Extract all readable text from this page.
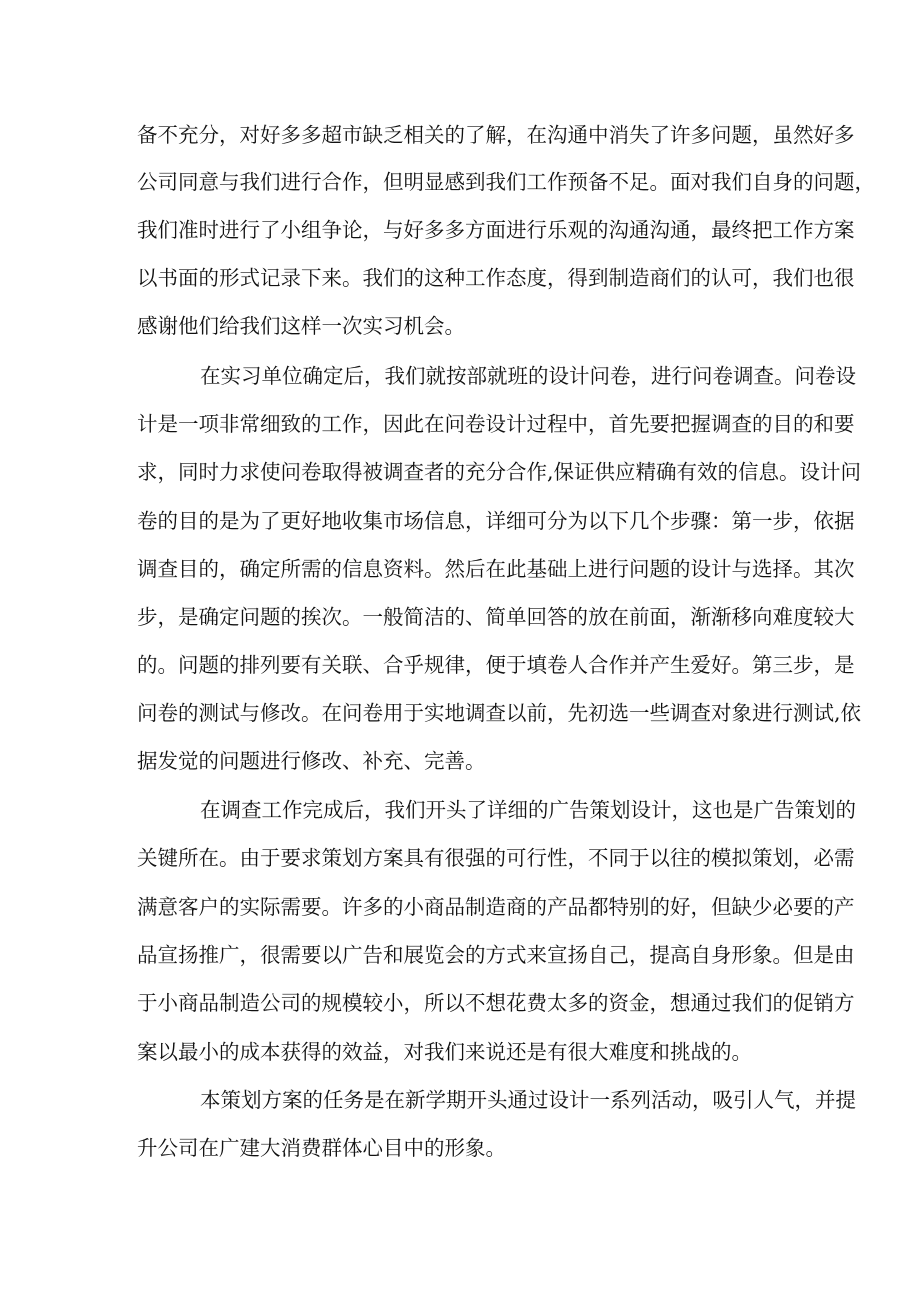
备不充分，对好多多超市缺乏相关的了解，在沟通中消失了许多问题，虽然好多
公司同意与我们进行合作，但明显感到我们工作预备不足。面对我们自身的问题，
我们准时进行了小组争论，与好多多方面进行乐观的沟通沟通，最终把工作方案
以书面的形式记录下来。我们的这种工作态度，得到制造商们的认可，我们也很
感谢他们给我们这样一次实习机会。
在实习单位确定后，我们就按部就班的设计问卷，进行问卷调查。问卷设
计是一项非常细致的工作，因此在问卷设计过程中，首先要把握调查的目的和要
求，同时力求使问卷取得被调查者的充分合作,保证供应精确有效的信息。设计问
卷的目的是为了更好地收集市场信息，详细可分为以下几个步骤：第一步，依据
调查目的，确定所需的信息资料。然后在此基础上进行问题的设计与选择。其次
步，是确定问题的挨次。一般简洁的、简单回答的放在前面，渐渐移向难度较大
的。问题的排列要有关联、合乎规律，便于填卷人合作并产生爱好。第三步，是
问卷的测试与修改。在问卷用于实地调查以前，先初选一些调查对象进行测试,依
据发觉的问题进行修改、补充、完善。
在调查工作完成后，我们开头了详细的广告策划设计，这也是广告策划的
关键所在。由于要求策划方案具有很强的可行性，不同于以往的模拟策划，必需
满意客户的实际需要。许多的小商品制造商的产品都特别的好，但缺少必要的产
品宣扬推广，很需要以广告和展览会的方式来宣扬自己，提高自身形象。但是由
于小商品制造公司的规模较小，所以不想花费太多的资金，想通过我们的促销方
案以最小的成本获得的效益，对我们来说还是有很大难度和挑战的。
本策划方案的任务是在新学期开头通过设计一系列活动，吸引人气，并提
升公司在广建大消费群体心目中的形象。
